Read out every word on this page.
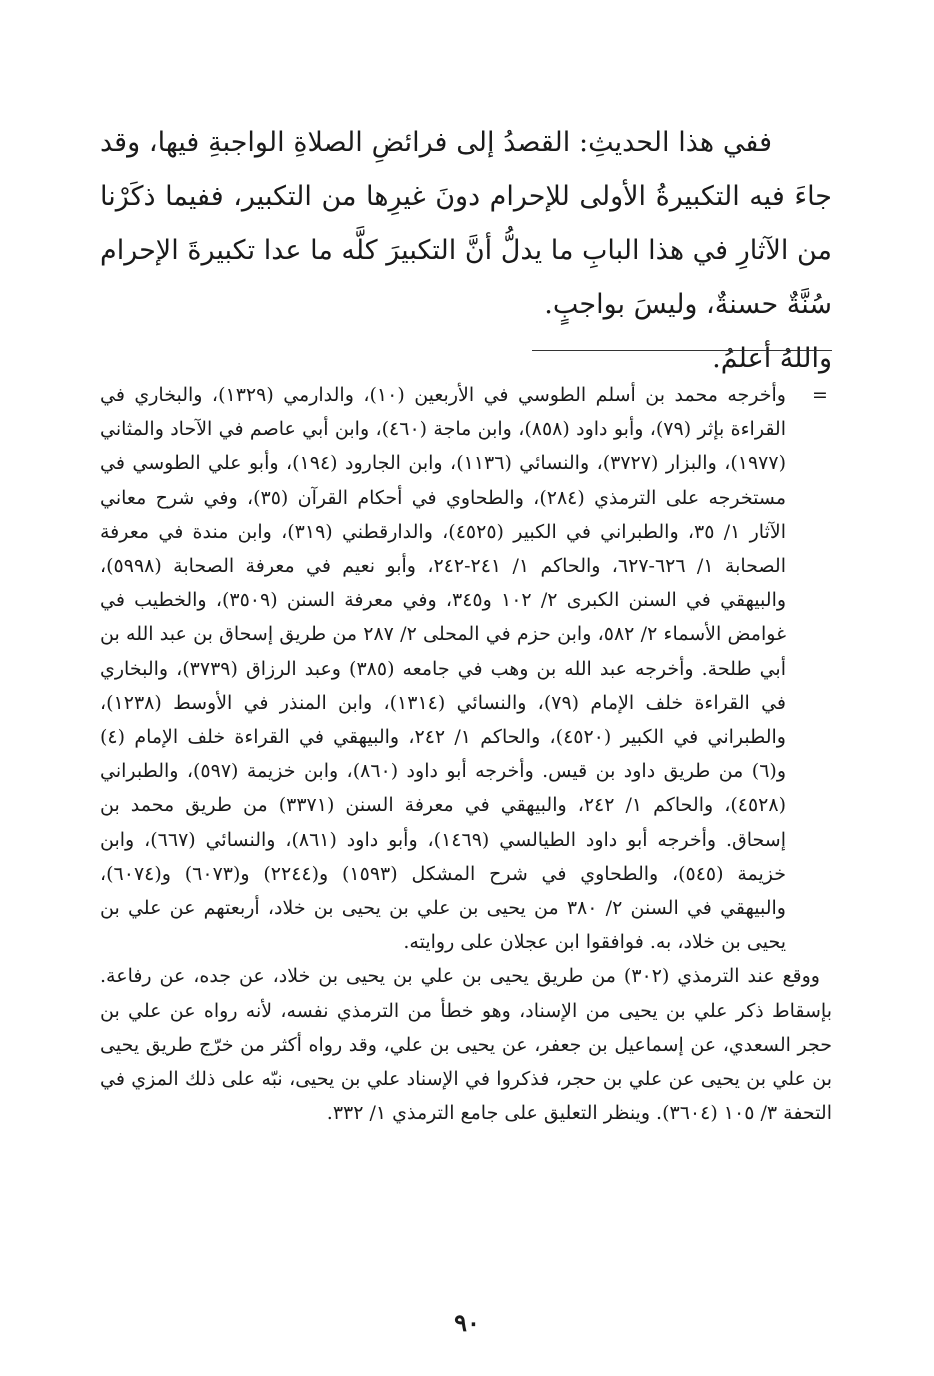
ففي هذا الحديثِ: القصدُ إلى فرائضِ الصلاةِ الواجبةِ فيها، وقد جاءَ فيه التكبيرةُ الأولى للإحرام دونَ غيرِها من التكبير، ففيما ذكَرْنا من الآثارِ في هذا البابِ ما يدلُّ أنَّ التكبيرَ كلَّه ما عدا تكبيرةَ الإحرام سُنَّةٌ حسنةٌ، وليسَ بواجبٍ.

واللهُ أعلمُ.

=

وأخرجه محمد بن أسلم الطوسي في الأربعين (١٠)، والدارمي (١٣٢٩)، والبخاري في القراءة بإثر (٧٩)، وأبو داود (٨٥٨)، وابن ماجة (٤٦٠)، وابن أبي عاصم في الآحاد والمثاني (١٩٧٧)، والبزار (٣٧٢٧)، والنسائي (١١٣٦)، وابن الجارود (١٩٤)، وأبو علي الطوسي في مستخرجه على الترمذي (٢٨٤)، والطحاوي في أحكام القرآن (٣٥)، وفي شرح معاني الآثار ١/ ٣٥، والطبراني في الكبير (٤٥٢٥)، والدارقطني (٣١٩)، وابن مندة في معرفة الصحابة ١/ ٦٢٦-٦٢٧، والحاكم ١/ ٢٤١-٢٤٢، وأبو نعيم في معرفة الصحابة (٥٩٩٨)، والبيهقي في السنن الكبرى ٢/ ١٠٢ و٣٤٥، وفي معرفة السنن (٣٥٠٩)، والخطيب في غوامض الأسماء ٢/ ٥٨٢، وابن حزم في المحلى ٢/ ٢٨٧ من طريق إسحاق بن عبد الله بن أبي طلحة. وأخرجه عبد الله بن وهب في جامعه (٣٨٥) وعبد الرزاق (٣٧٣٩)، والبخاري في القراءة خلف الإمام (٧٩)، والنسائي (١٣١٤)، وابن المنذر في الأوسط (١٢٣٨)، والطبراني في الكبير (٤٥٢٠)، والحاكم ١/ ٢٤٢، والبيهقي في القراءة خلف الإمام (٤) و(٦) من طريق داود بن قيس. وأخرجه أبو داود (٨٦٠)، وابن خزيمة (٥٩٧)، والطبراني (٤٥٢٨)، والحاكم ١/ ٢٤٢، والبيهقي في معرفة السنن (٣٣٧١) من طريق محمد بن إسحاق. وأخرجه أبو داود الطيالسي (١٤٦٩)، وأبو داود (٨٦١)، والنسائي (٦٦٧)، وابن خزيمة (٥٤٥)، والطحاوي في شرح المشكل (١٥٩٣) و(٢٢٤٤) و(٦٠٧٣) و(٦٠٧٤)، والبيهقي في السنن ٢/ ٣٨٠ من يحيى بن علي بن يحيى بن خلاد، أربعتهم عن علي بن يحيى بن خلاد، به. فوافقوا ابن عجلان على روايته.

ووقع عند الترمذي (٣٠٢) من طريق يحيى بن علي بن يحيى بن خلاد، عن جده، عن رفاعة. بإسقاط ذكر علي بن يحيى من الإسناد، وهو خطأ من الترمذي نفسه، لأنه رواه عن علي بن حجر السعدي، عن إسماعيل بن جعفر، عن يحيى بن علي، وقد رواه أكثر من خرّج طريق يحيى بن علي بن يحيى عن علي بن حجر، فذكروا في الإسناد علي بن يحيى، نبّه على ذلك المزي في التحفة ٣/ ١٠٥ (٣٦٠٤). وينظر التعليق على جامع الترمذي ١/ ٣٣٢.

٩٠
